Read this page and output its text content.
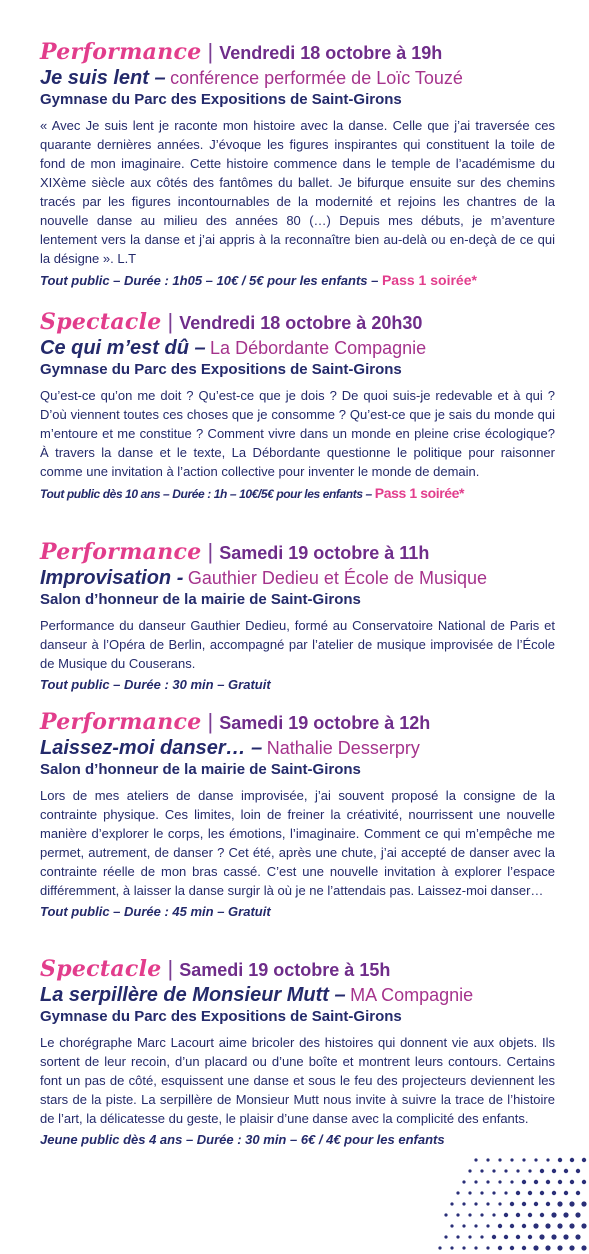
Performance | Vendredi 18 octobre à 19h
Je suis lent – conférence performée de Loïc Touzé
Gymnase du Parc des Expositions de Saint-Girons
« Avec Je suis lent je raconte mon histoire avec la danse. Celle que j’ai traversée ces quarante dernières années. J’évoque les figures inspirantes qui constituent la toile de fond de mon imaginaire. Cette histoire commence dans le temple de l’académisme du XIXème siècle aux côtés des fantômes du ballet. Je bifurque ensuite sur des chemins tracés par les figures incontournables de la modernité et rejoins les chantres de la nouvelle danse au milieu des années 80 (…) Depuis mes débuts, je m’aventure lentement vers la danse et j’ai appris à la reconnaître bien au-delà ou en-deçà de ce qui la désigne ». L.T
Tout public – Durée : 1h05 – 10€ / 5€ pour les enfants – Pass 1 soirée*
Spectacle | Vendredi 18 octobre à 20h30
Ce qui m’est dû – La Débordante Compagnie
Gymnase du Parc des Expositions de Saint-Girons
Qu’est-ce qu’on me doit ? Qu’est-ce que je dois ? De quoi suis-je redevable et à qui ? D’où viennent toutes ces choses que je consomme ? Qu’est-ce que je sais du monde qui m’entoure et me constitue ? Comment vivre dans un monde en pleine crise écologique? À travers la danse et le texte, La Débordante questionne le politique pour raisonner comme une invitation à l’action collective pour inventer le monde de demain.
Tout public dès 10 ans – Durée : 1h – 10€/5€ pour les enfants – Pass 1 soirée*
Performance | Samedi 19 octobre à 11h
Improvisation - Gauthier Dedieu et École de Musique
Salon d’honneur de la mairie de Saint-Girons
Performance du danseur Gauthier Dedieu, formé au Conservatoire National de Paris et danseur à l’Opéra de Berlin, accompagné par l’atelier de musique improvisée de l’École de Musique du Couserans.
Tout public – Durée : 30 min – Gratuit
Performance | Samedi 19 octobre à 12h
Laissez-moi danser… – Nathalie Desserpry
Salon d’honneur de la mairie de Saint-Girons
Lors de mes ateliers de danse improvisée, j’ai souvent proposé la consigne de la contrainte physique. Ces limites, loin de freiner la créativité, nourrissent une nouvelle manière d’explorer le corps, les émotions, l’imaginaire. Comment ce qui m’empêche me permet, autrement, de danser ? Cet été, après une chute, j’ai accepté de danser avec la contrainte réelle de mon bras cassé. C’est une nouvelle invitation à explorer l’espace différemment, à laisser la danse surgir là où je ne l’attendais pas. Laissez-moi danser…
Tout public – Durée : 45 min – Gratuit
Spectacle | Samedi 19 octobre à 15h
La serpillère de Monsieur Mutt – MA Compagnie
Gymnase du Parc des Expositions de Saint-Girons
Le chorégraphe Marc Lacourt aime bricoler des histoires qui donnent vie aux objets. Ils sortent de leur recoin, d’un placard ou d’une boîte et montrent leurs contours. Certains font un pas de côté, esquissent une danse et sous le feu des projecteurs deviennent les stars de la piste. La serpillère de Monsieur Mutt nous invite à suivre la trace de l’histoire de l’art, la délicatesse du geste, le plaisir d’une danse avec la complicité des enfants.
Jeune public dès 4 ans – Durée : 30 min – 6€ / 4€ pour les enfants
